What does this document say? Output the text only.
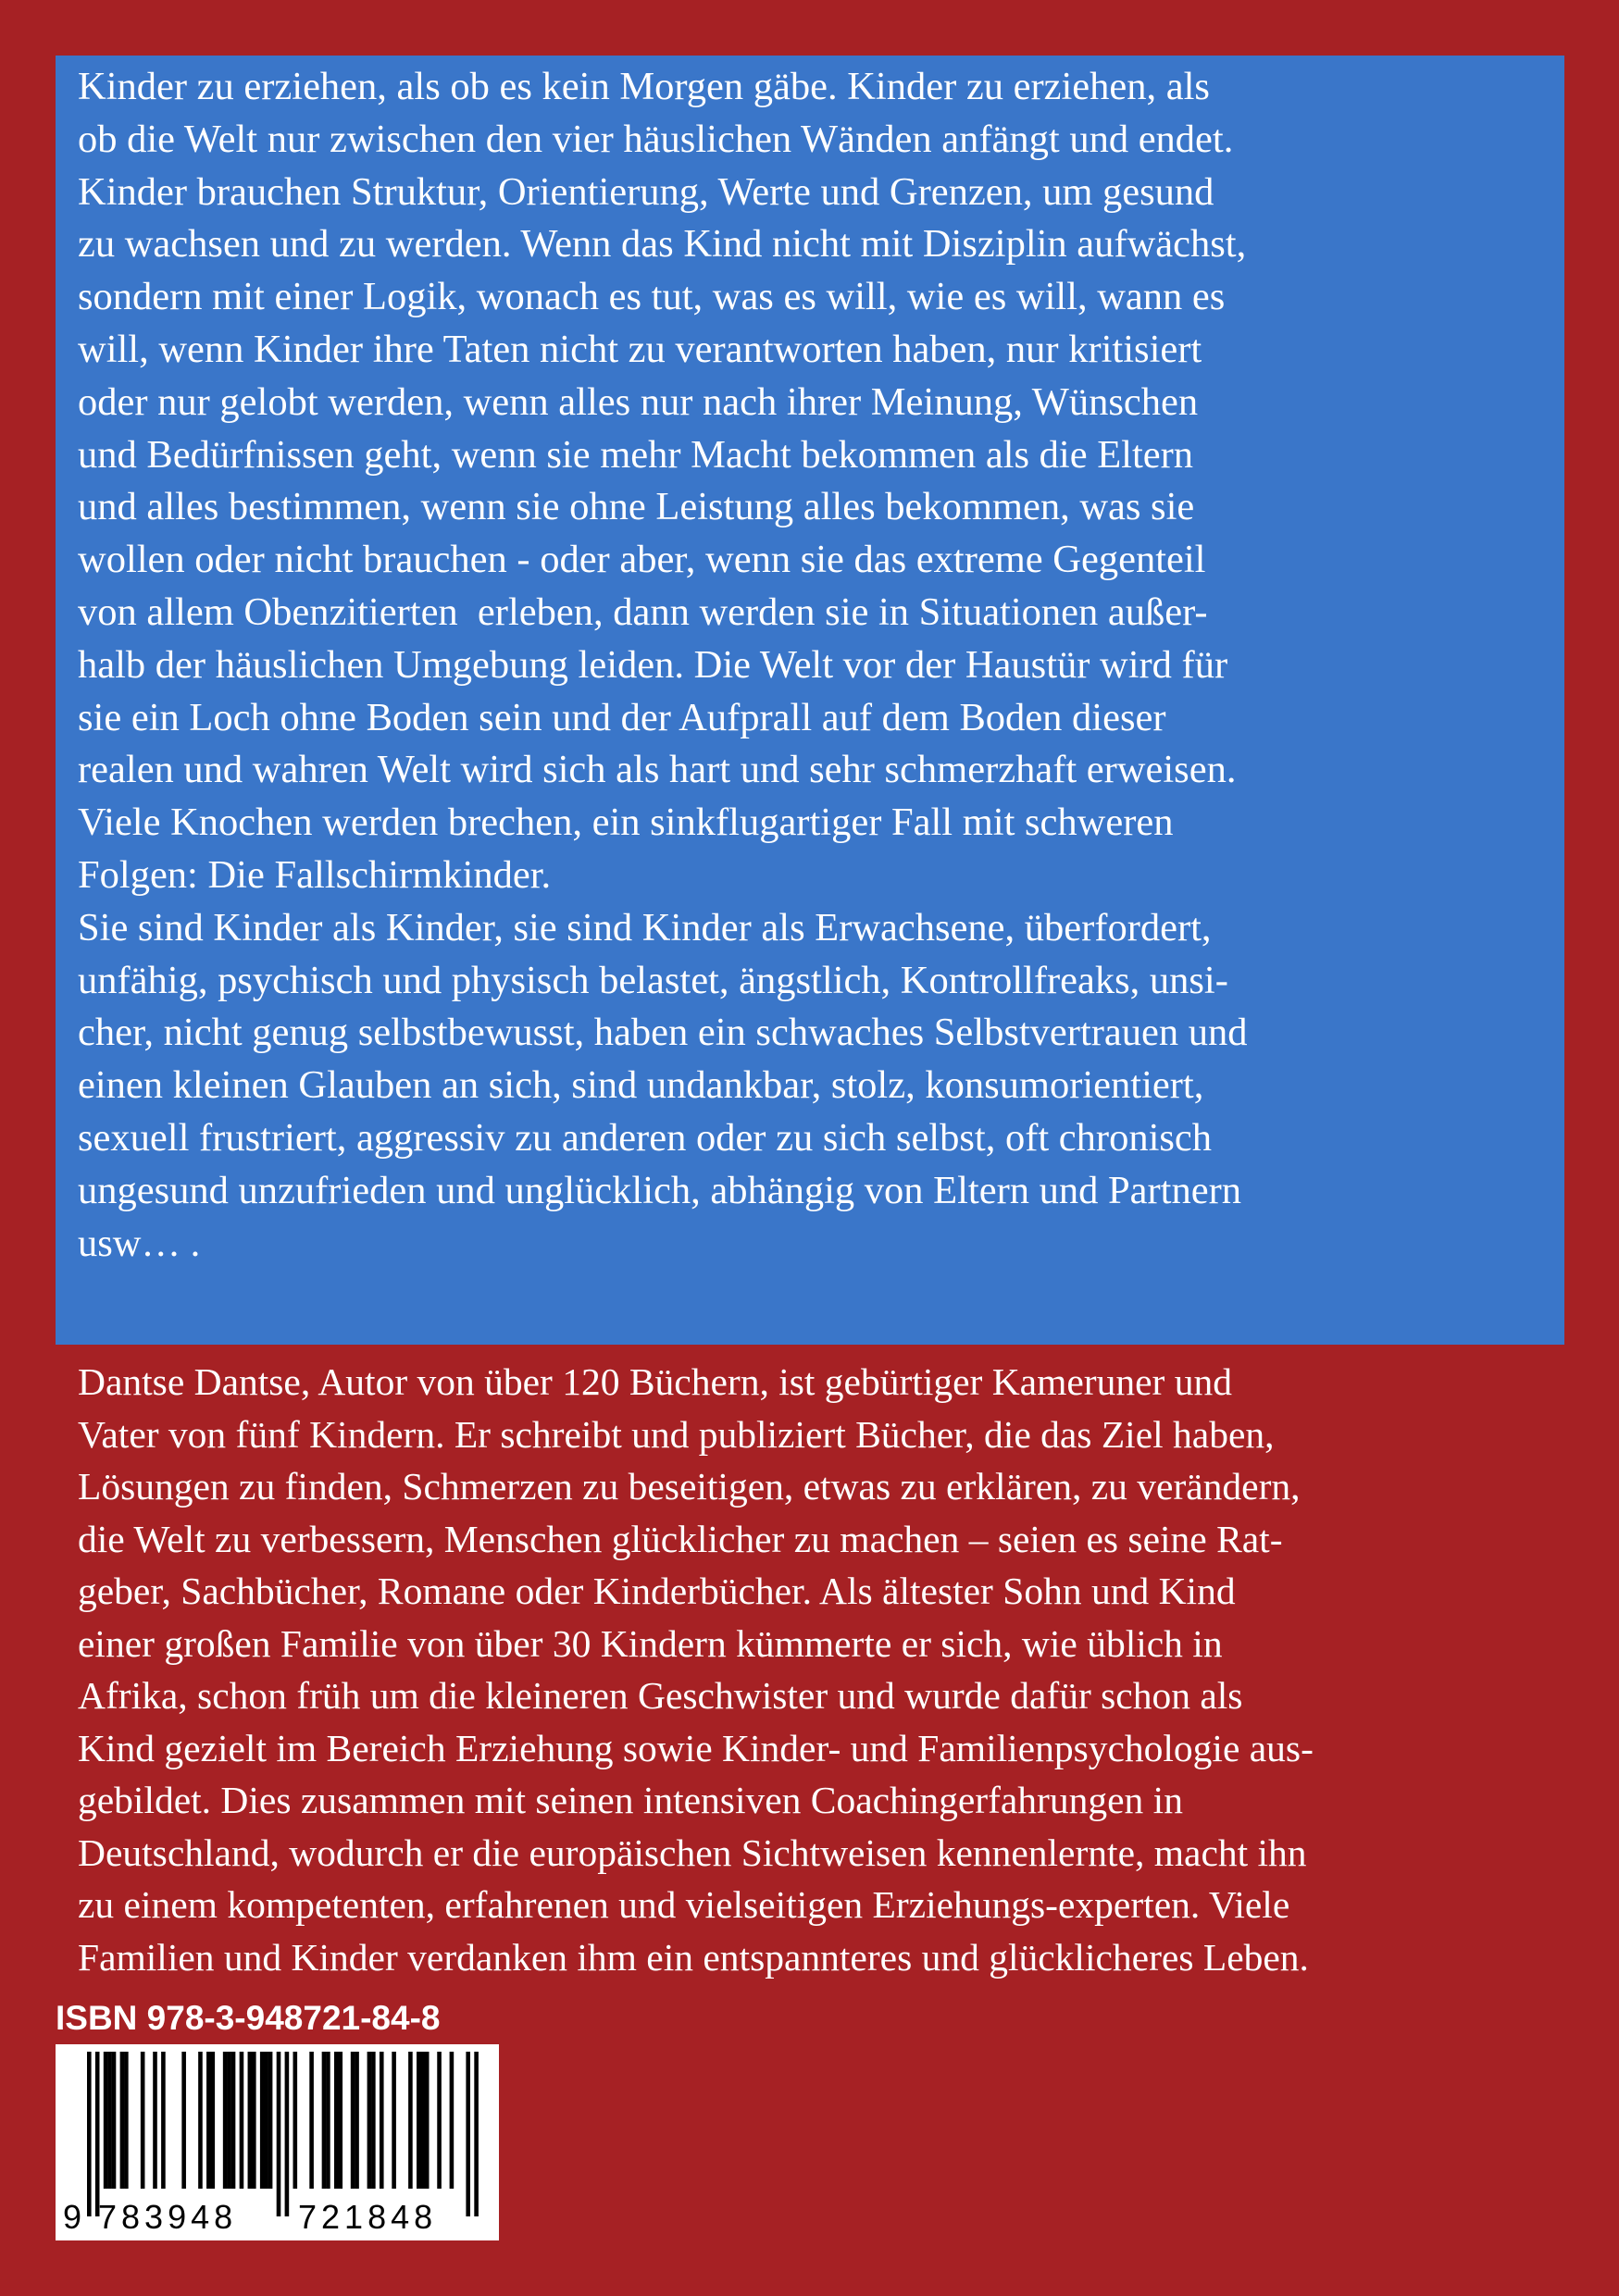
Kinder zu erziehen, als ob es kein Morgen gäbe. Kinder zu erziehen, als
ob die Welt nur zwischen den vier häuslichen Wänden anfängt und endet.
Kinder brauchen Struktur, Orientierung, Werte und Grenzen, um gesund
zu wachsen und zu werden. Wenn das Kind nicht mit Disziplin aufwächst,
sondern mit einer Logik, wonach es tut, was es will, wie es will, wann es
will, wenn Kinder ihre Taten nicht zu verantworten haben, nur kritisiert
oder nur gelobt werden, wenn alles nur nach ihrer Meinung, Wünschen
und Bedürfnissen geht, wenn sie mehr Macht bekommen als die Eltern
und alles bestimmen, wenn sie ohne Leistung alles bekommen, was sie
wollen oder nicht brauchen - oder aber, wenn sie das extreme Gegenteil
von allem Obenzitierten  erleben, dann werden sie in Situationen außer-
halb der häuslichen Umgebung leiden. Die Welt vor der Haustür wird für
sie ein Loch ohne Boden sein und der Aufprall auf dem Boden dieser
realen und wahren Welt wird sich als hart und sehr schmerzhaft erweisen.
Viele Knochen werden brechen, ein sinkflugartiger Fall mit schweren
Folgen: Die Fallschirmkinder.
Sie sind Kinder als Kinder, sie sind Kinder als Erwachsene, überfordert,
unfähig, psychisch und physisch belastet, ängstlich, Kontrollfreaks, unsi-
cher, nicht genug selbstbewusst, haben ein schwaches Selbstvertrauen und
einen kleinen Glauben an sich, sind undankbar, stolz, konsumorientiert,
sexuell frustriert, aggressiv zu anderen oder zu sich selbst, oft chronisch
ungesund unzufrieden und unglücklich, abhängig von Eltern und Partnern
usw… .
Dantse Dantse, Autor von über 120 Büchern, ist gebürtiger Kameruner und
Vater von fünf Kindern. Er schreibt und publiziert Bücher, die das Ziel haben,
Lösungen zu finden, Schmerzen zu beseitigen, etwas zu erklären, zu verändern,
die Welt zu verbessern, Menschen glücklicher zu machen – seien es seine Rat-
geber, Sachbücher, Romane oder Kinderbücher. Als ältester Sohn und Kind
einer großen Familie von über 30 Kindern kümmerte er sich, wie üblich in
Afrika, schon früh um die kleineren Geschwister und wurde dafür schon als
Kind gezielt im Bereich Erziehung sowie Kinder- und Familienpsychologie aus-
gebildet. Dies zusammen mit seinen intensiven Coachingerfahrungen in
Deutschland, wodurch er die europäischen Sichtweisen kennenlernte, macht ihn
zu einem kompetenten, erfahrenen und vielseitigen Erziehungs-experten. Viele
Familien und Kinder verdanken ihm ein entspannteres und glücklicheres Leben.
ISBN 978-3-948721-84-8
9 783948 721848
